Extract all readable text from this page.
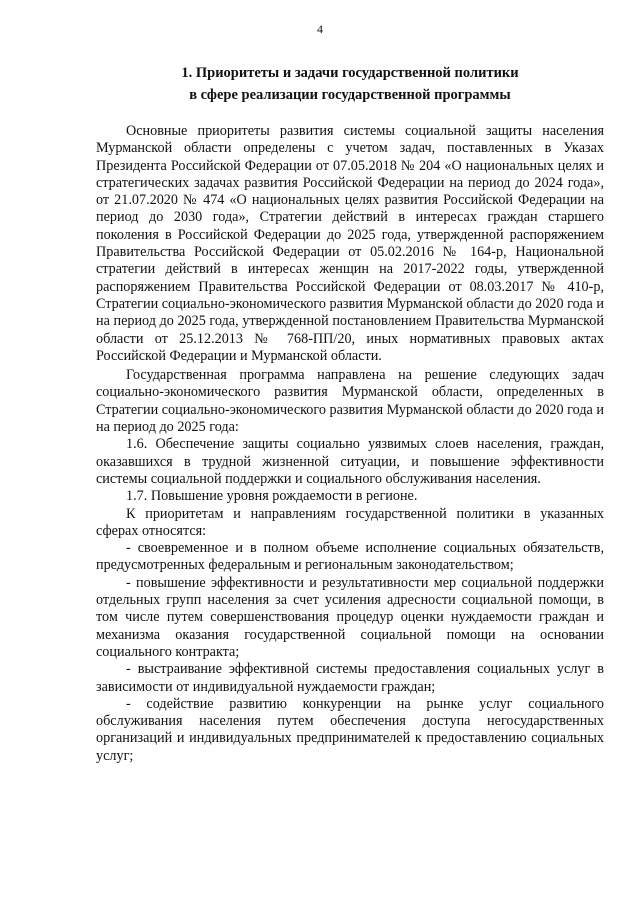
4
1. Приоритеты и задачи государственной политики
в сфере реализации государственной программы

Основные приоритеты развития системы социальной защиты населения Мурманской области определены с учетом задач, поставленных в Указах Президента Российской Федерации от 07.05.2018 № 204 «О национальных целях и стратегических задачах развития Российской Федерации на период до 2024 года», от 21.07.2020 № 474 «О национальных целях развития Российской Федерации на период до 2030 года», Стратегии действий в интересах граждан старшего поколения в Российской Федерации до 2025 года, утвержденной распоряжением Правительства Российской Федерации от 05.02.2016 № 164-р, Национальной стратегии действий в интересах женщин на 2017-2022 годы, утвержденной распоряжением Правительства Российской Федерации от 08.03.2017 № 410-р, Стратегии социально-экономического развития Мурманской области до 2020 года и на период до 2025 года, утвержденной постановлением Правительства Мурманской области от 25.12.2013 № 768-ПП/20, иных нормативных правовых актах Российской Федерации и Мурманской области.

Государственная программа направлена на решение следующих задач социально-экономического развития Мурманской области, определенных в Стратегии социально-экономического развития Мурманской области до 2020 года и на период до 2025 года:

1.6. Обеспечение защиты социально уязвимых слоев населения, граждан, оказавшихся в трудной жизненной ситуации, и повышение эффективности системы социальной поддержки и социального обслуживания населения.

1.7. Повышение уровня рождаемости в регионе.

К приоритетам и направлениям государственной политики в указанных сферах относятся:

- своевременное и в полном объеме исполнение социальных обязательств, предусмотренных федеральным и региональным законодательством;

- повышение эффективности и результативности мер социальной поддержки отдельных групп населения за счет усиления адресности социальной помощи, в том числе путем совершенствования процедур оценки нуждаемости граждан и механизма оказания государственной социальной помощи на основании социального контракта;

- выстраивание эффективной системы предоставления социальных услуг в зависимости от индивидуальной нуждаемости граждан;

- содействие развитию конкуренции на рынке услуг социального обслуживания населения путем обеспечения доступа негосударственных организаций и индивидуальных предпринимателей к предоставлению социальных услуг;
